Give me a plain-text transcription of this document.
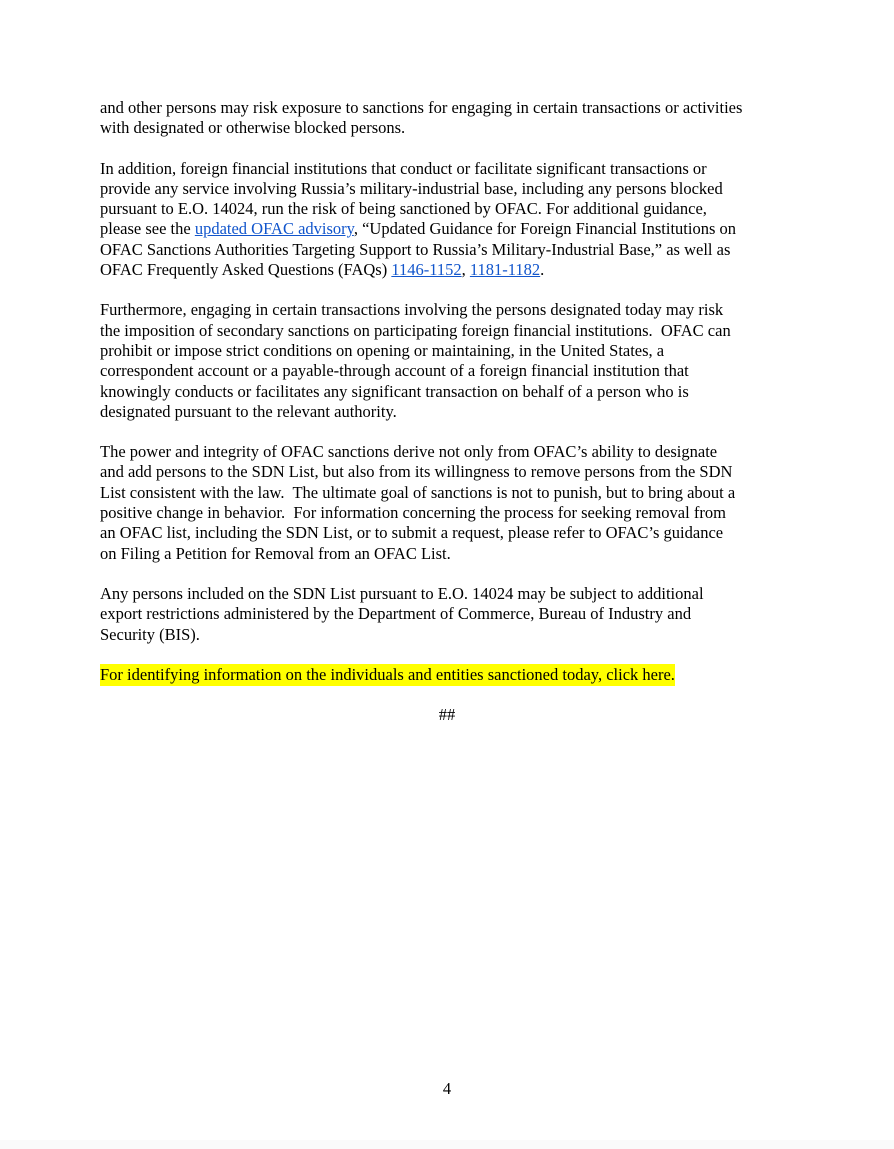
and other persons may risk exposure to sanctions for engaging in certain transactions or activities
with designated or otherwise blocked persons.
In addition, foreign financial institutions that conduct or facilitate significant transactions or
provide any service involving Russia’s military-industrial base, including any persons blocked
pursuant to E.O. 14024, run the risk of being sanctioned by OFAC. For additional guidance,
please see the updated OFAC advisory, “Updated Guidance for Foreign Financial Institutions on
OFAC Sanctions Authorities Targeting Support to Russia’s Military-Industrial Base,” as well as
OFAC Frequently Asked Questions (FAQs) 1146-1152, 1181-1182.
Furthermore, engaging in certain transactions involving the persons designated today may risk
the imposition of secondary sanctions on participating foreign financial institutions.  OFAC can
prohibit or impose strict conditions on opening or maintaining, in the United States, a
correspondent account or a payable-through account of a foreign financial institution that
knowingly conducts or facilitates any significant transaction on behalf of a person who is
designated pursuant to the relevant authority.
The power and integrity of OFAC sanctions derive not only from OFAC’s ability to designate
and add persons to the SDN List, but also from its willingness to remove persons from the SDN
List consistent with the law.  The ultimate goal of sanctions is not to punish, but to bring about a
positive change in behavior.  For information concerning the process for seeking removal from
an OFAC list, including the SDN List, or to submit a request, please refer to OFAC’s guidance
on Filing a Petition for Removal from an OFAC List.
Any persons included on the SDN List pursuant to E.O. 14024 may be subject to additional
export restrictions administered by the Department of Commerce, Bureau of Industry and
Security (BIS).
For identifying information on the individuals and entities sanctioned today, click here.
##
4
